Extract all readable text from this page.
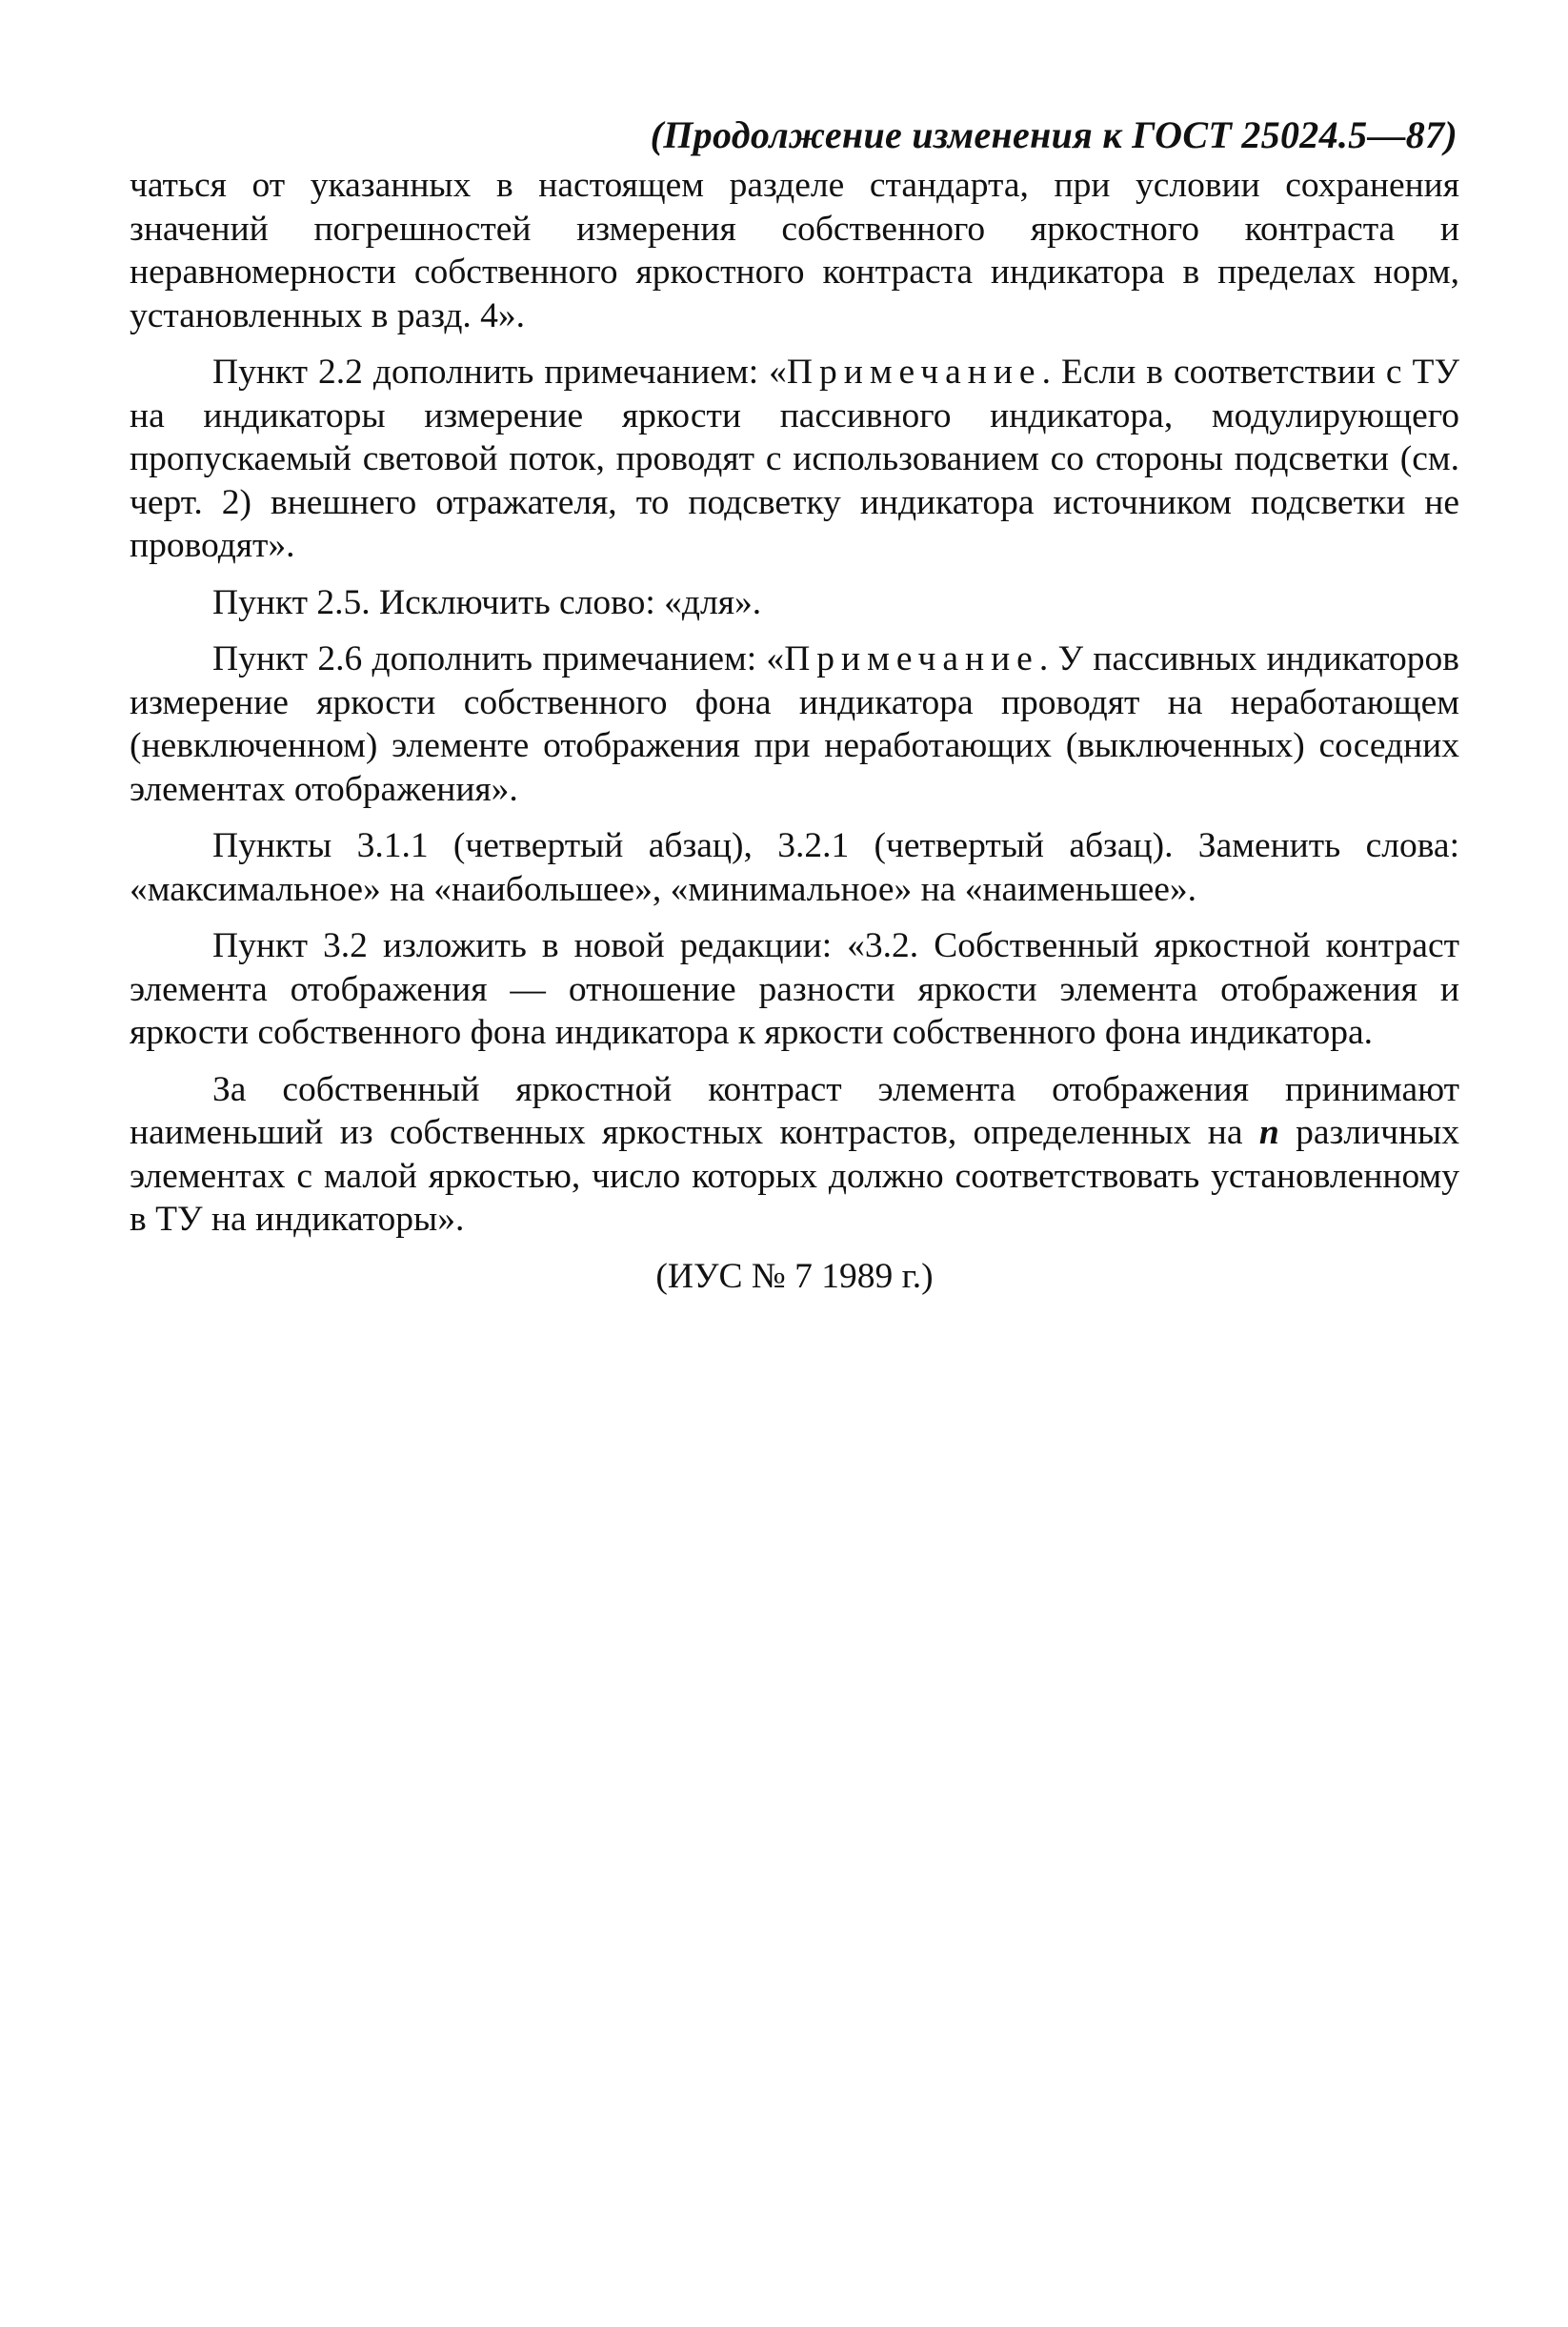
(Продолжение изменения к ГОСТ 25024.5—87)

чаться от указанных в настоящем разделе стандарта, при условии сохранения значений погрешностей измерения собственного яркостного контраста и неравномерности собственного яркостного контраста индикатора в пределах норм, установленных в разд. 4».

Пункт 2.2 дополнить примечанием: «Примечание. Если в соответствии с ТУ на индикаторы измерение яркости пассивного индикатора, модулирующего пропускаемый световой поток, проводят с использованием со стороны подсветки (см. черт. 2) внешнего отражателя, то подсветку индикатора источником подсветки не проводят».

Пункт 2.5. Исключить слово: «для».

Пункт 2.6 дополнить примечанием: «Примечание. У пассивных индикаторов измерение яркости собственного фона индикатора проводят на неработающем (невключенном) элементе отображения при неработающих (выключенных) соседних элементах отображения».

Пункты 3.1.1 (четвертый абзац), 3.2.1 (четвертый абзац). Заменить слова: «максимальное» на «наибольшее», «минимальное» на «наименьшее».

Пункт 3.2 изложить в новой редакции: «3.2. Собственный яркостной контраст элемента отображения — отношение разности яркости элемента отображения и яркости собственного фона индикатора к яркости собственного фона индикатора.

За собственный яркостной контраст элемента отображения принимают наименьший из собственных яркостных контрастов, определенных на n различных элементах с малой яркостью, число которых должно соответствовать установленному в ТУ на индикаторы».

(ИУС № 7 1989 г.)
